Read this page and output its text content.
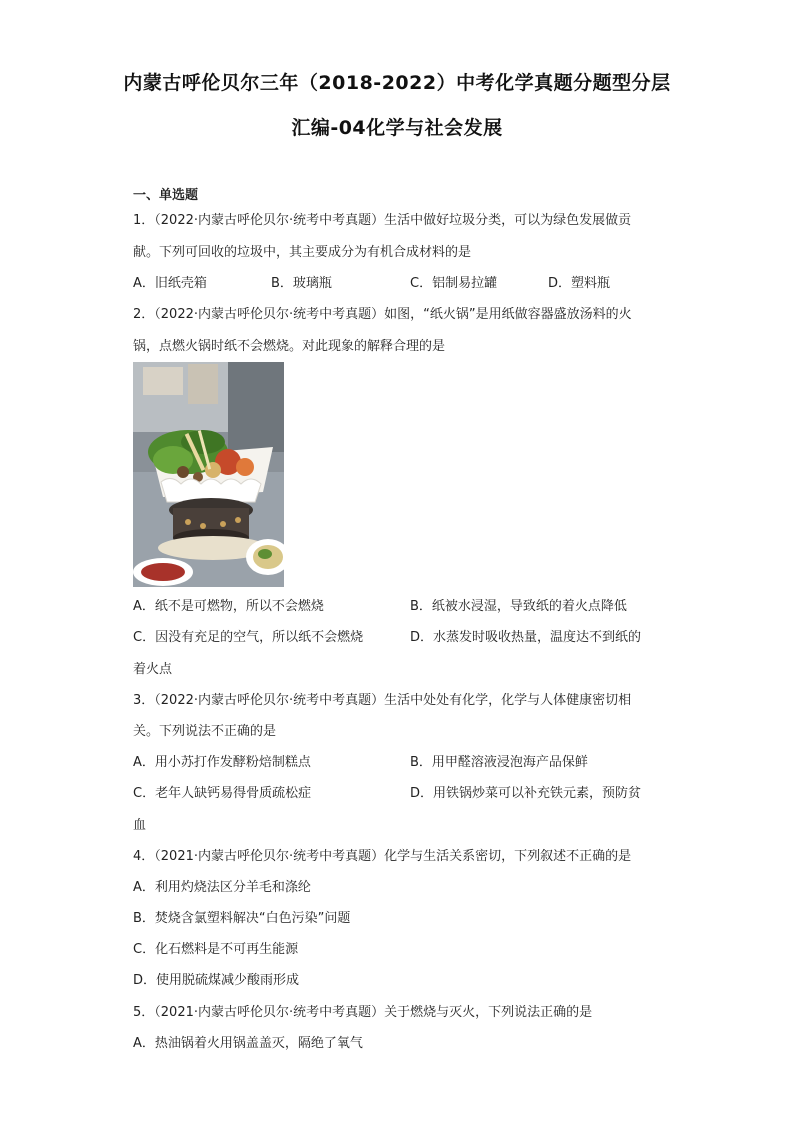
内蒙古呼伦贝尔三年（2018-2022）中考化学真题分题型分层
汇编-04化学与社会发展
一、单选题
1．（2022·内蒙古呼伦贝尔·统考中考真题）生活中做好垃圾分类，可以为绿色发展做贡
献。下列可回收的垃圾中，其主要成分为有机合成材料的是
A．旧纸壳箱	B．玻璃瓶	C．铝制易拉罐	D．塑料瓶
2．（2022·内蒙古呼伦贝尔·统考中考真题）如图，“纸火锅”是用纸做容器盛放汤料的火
锅，点燃火锅时纸不会燃烧。对此现象的解释合理的是
A．纸不是可燃物，所以不会燃烧	B．纸被水浸湿，导致纸的着火点降低
C．因没有充足的空气，所以纸不会燃烧	D．水蒸发时吸收热量，温度达不到纸的
着火点
3．（2022·内蒙古呼伦贝尔·统考中考真题）生活中处处有化学，化学与人体健康密切相
关。下列说法不正确的是
A．用小苏打作发酵粉焙制糕点	B．用甲醛溶液浸泡海产品保鲜
C．老年人缺钙易得骨质疏松症	D．用铁锅炒菜可以补充铁元素，预防贫
血
4．（2021·内蒙古呼伦贝尔·统考中考真题）化学与生活关系密切，下列叙述不正确的是
A．利用灼烧法区分羊毛和涤纶
B．焚烧含氯塑料解决“白色污染”问题
C．化石燃料是不可再生能源
D．使用脱硫煤减少酸雨形成
5．（2021·内蒙古呼伦贝尔·统考中考真题）关于燃烧与灭火，下列说法正确的是
A．热油锅着火用锅盖盖灭，隔绝了氧气
